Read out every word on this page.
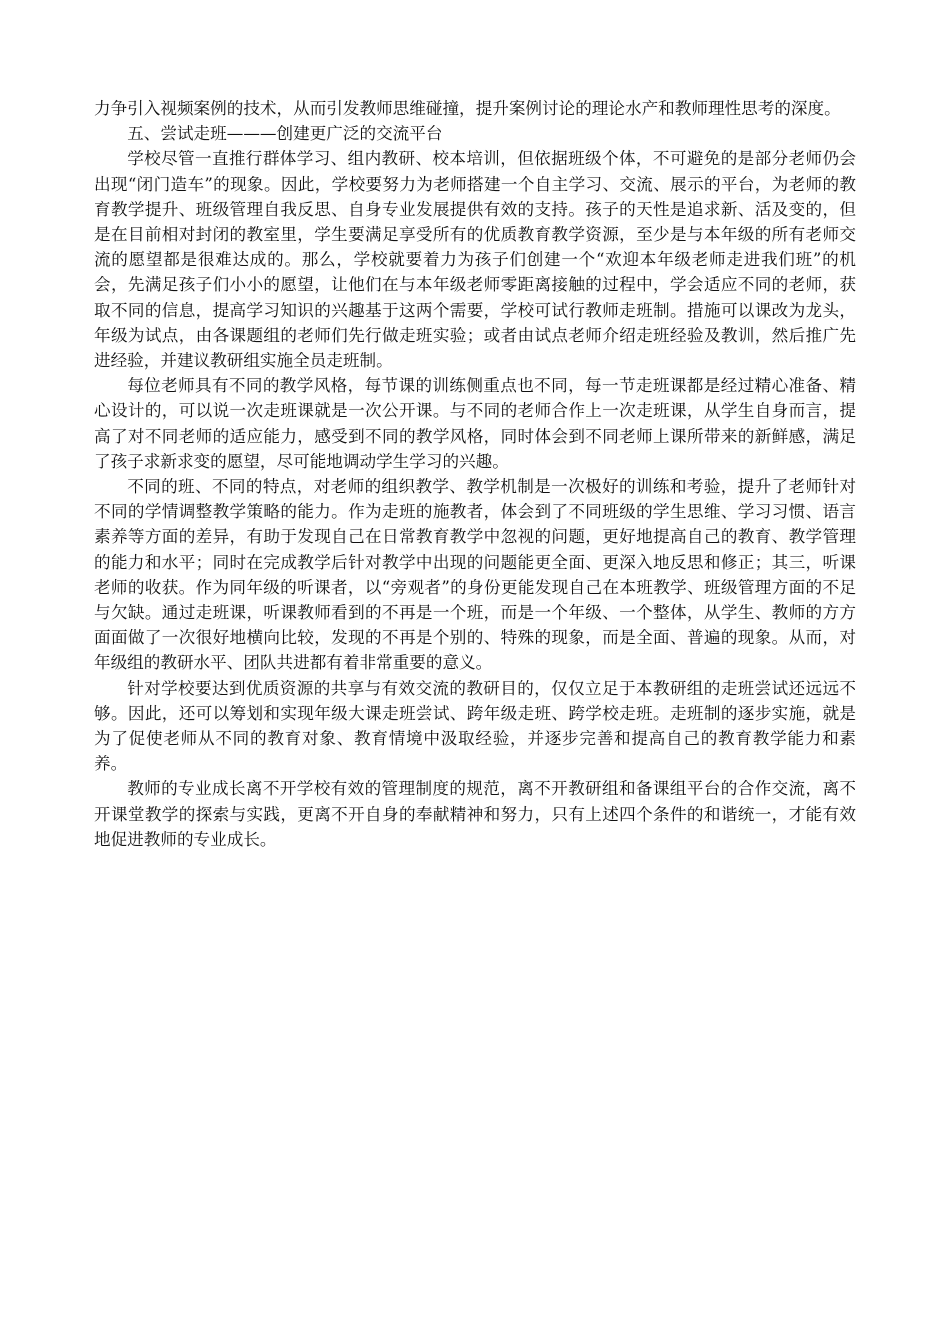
力争引入视频案例的技术，从而引发教师思维碰撞，提升案例讨论的理论水产和教师理性思考的深度。

五、尝试走班———创建更广泛的交流平台

学校尽管一直推行群体学习、组内教研、校本培训，但依据班级个体，不可避免的是部分老师仍会出现“闭门造车”的现象。因此，学校要努力为老师搭建一个自主学习、交流、展示的平台，为老师的教育教学提升、班级管理自我反思、自身专业发展提供有效的支持。孩子的天性是追求新、活及变的，但是在目前相对封闭的教室里，学生要满足享受所有的优质教育教学资源，至少是与本年级的所有老师交流的愿望都是很难达成的。那么，学校就要着力为孩子们创建一个“欢迎本年级老师走进我们班”的机会，先满足孩子们小小的愿望，让他们在与本年级老师零距离接触的过程中，学会适应不同的老师，获取不同的信息，提高学习知识的兴趣基于这两个需要，学校可试行教师走班制。措施可以课改为龙头，年级为试点，由各课题组的老师们先行做走班实验；或者由试点老师介绍走班经验及教训，然后推广先进经验，并建议教研组实施全员走班制。

每位老师具有不同的教学风格，每节课的训练侧重点也不同，每一节走班课都是经过精心准备、精心设计的，可以说一次走班课就是一次公开课。与不同的老师合作上一次走班课，从学生自身而言，提高了对不同老师的适应能力，感受到不同的教学风格，同时体会到不同老师上课所带来的新鲜感，满足了孩子求新求变的愿望，尽可能地调动学生学习的兴趣。

不同的班、不同的特点，对老师的组织教学、教学机制是一次极好的训练和考验，提升了老师针对不同的学情调整教学策略的能力。作为走班的施教者，体会到了不同班级的学生思维、学习习惯、语言素养等方面的差异，有助于发现自己在日常教育教学中忽视的问题，更好地提高自己的教育、教学管理的能力和水平；同时在完成教学后针对教学中出现的问题能更全面、更深入地反思和修正；其三，听课老师的收获。作为同年级的听课者，以“旁观者”的身份更能发现自己在本班教学、班级管理方面的不足与欠缺。通过走班课，听课教师看到的不再是一个班，而是一个年级、一个整体，从学生、教师的方方面面做了一次很好地横向比较，发现的不再是个别的、特殊的现象，而是全面、普遍的现象。从而，对年级组的教研水平、团队共进都有着非常重要的意义。

针对学校要达到优质资源的共享与有效交流的教研目的，仅仅立足于本教研组的走班尝试还远远不够。因此，还可以筹划和实现年级大课走班尝试、跨年级走班、跨学校走班。走班制的逐步实施，就是为了促使老师从不同的教育对象、教育情境中汲取经验，并逐步完善和提高自己的教育教学能力和素养。

教师的专业成长离不开学校有效的管理制度的规范，离不开教研组和备课组平台的合作交流，离不开课堂教学的探索与实践，更离不开自身的奉献精神和努力，只有上述四个条件的和谐统一，才能有效地促进教师的专业成长。
